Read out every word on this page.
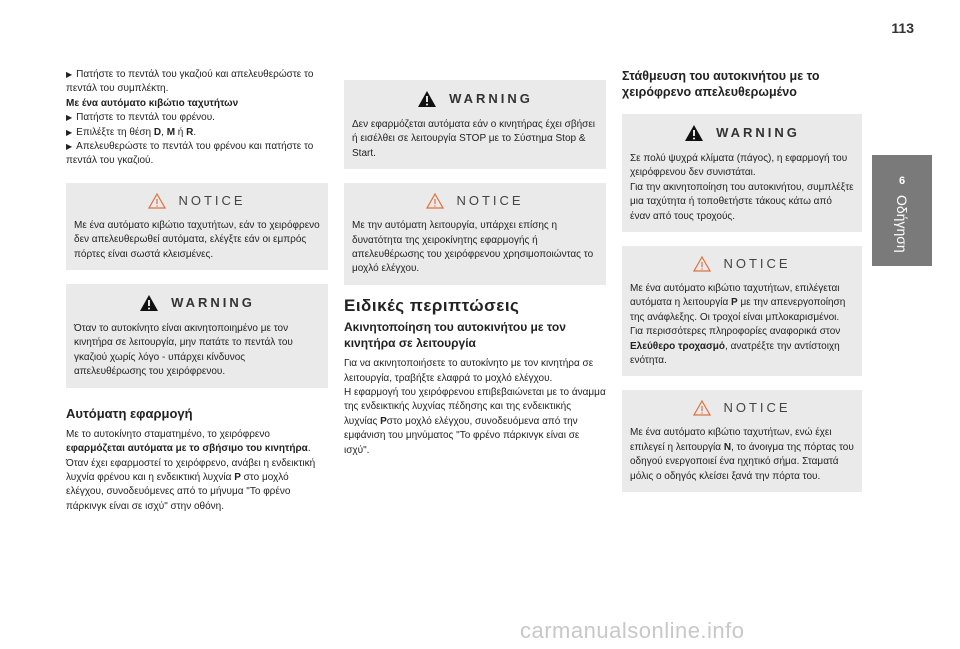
113
6
Οδήγηση

▶ Πατήστε το πεντάλ του γκαζιού και απελευθερώστε το πεντάλ του συμπλέκτη.

Με ένα αυτόματο κιβώτιο ταχυτήτων

▶ Πατήστε το πεντάλ του φρένου.

▶ Επιλέξτε τη θέση D, M ή R.

▶ Απελευθερώστε το πεντάλ του φρένου και πατήστε το πεντάλ του γκαζιού.

NOTICE

Με ένα αυτόματο κιβώτιο ταχυτήτων, εάν το χειρόφρενο δεν απελευθερωθεί αυτόματα, ελέγξτε εάν οι εμπρός πόρτες είναι σωστά κλεισμένες.

WARNING

Όταν το αυτοκίνητο είναι ακινητοποιημένο με τον κινητήρα σε λειτουργία, μην πατάτε το πεντάλ του γκαζιού χωρίς λόγο - υπάρχει κίνδυνος απελευθέρωσης του χειρόφρενου.

Αυτόματη εφαρμογή

Με το αυτοκίνητο σταματημένο, το χειρόφρενο εφαρμόζεται αυτόματα με το σβήσιμο του κινητήρα.

Όταν έχει εφαρμοστεί το χειρόφρενο, ανάβει η ενδεικτική λυχνία φρένου και η ενδεικτική λυχνία P στο μοχλό ελέγχου, συνοδευόμενες από το μήνυμα "Το φρένο πάρκινγκ είναι σε ισχύ" στην οθόνη.

WARNING

Δεν εφαρμόζεται αυτόματα εάν ο κινητήρας έχει σβήσει ή εισέλθει σε λειτουργία STOP με το Σύστημα Stop & Start.

NOTICE

Με την αυτόματη λειτουργία, υπάρχει επίσης η δυνατότητα της χειροκίνητης εφαρμογής ή απελευθέρωσης του χειρόφρενου χρησιμοποιώντας το μοχλό ελέγχου.

Ειδικές περιπτώσεις
Ακινητοποίηση του αυτοκινήτου με τον κινητήρα σε λειτουργία

Για να ακινητοποιήσετε το αυτοκίνητο με τον κινητήρα σε λειτουργία, τραβήξτε ελαφρά το μοχλό ελέγχου.

Η εφαρμογή του χειρόφρενου επιβεβαιώνεται με το άναμμα της ενδεικτικής λυχνίας πέδησης και της ενδεικτικής λυχνίας Pστο μοχλό ελέγχου, συνοδευόμενα από την εμφάνιση του μηνύματος "Το φρένο πάρκινγκ είναι σε ισχύ".

Στάθμευση του αυτοκινήτου με το χειρόφρενο απελευθερωμένο
WARNING

Σε πολύ ψυχρά κλίματα (πάγος), η εφαρμογή του χειρόφρενου δεν συνιστάται.
Για την ακινητοποίηση του αυτοκινήτου, συμπλέξτε μια ταχύτητα ή τοποθετήστε τάκους κάτω από έναν από τους τροχούς.

NOTICE

Με ένα αυτόματο κιβώτιο ταχυτήτων, επιλέγεται αυτόματα η λειτουργία P με την απενεργοποίηση της ανάφλεξης. Οι τροχοί είναι μπλοκαρισμένοι.
Για περισσότερες πληροφορίες αναφορικά στον Ελεύθερο τροχασμό, ανατρέξτε την αντίστοιχη ενότητα.

NOTICE

Με ένα αυτόματο κιβώτιο ταχυτήτων, ενώ έχει επιλεγεί η λειτουργία N, το άνοιγμα της πόρτας του οδηγού ενεργοποιεί ένα ηχητικό σήμα. Σταματά μόλις ο οδηγός κλείσει ξανά την πόρτα του.

carmanualsonline.info
